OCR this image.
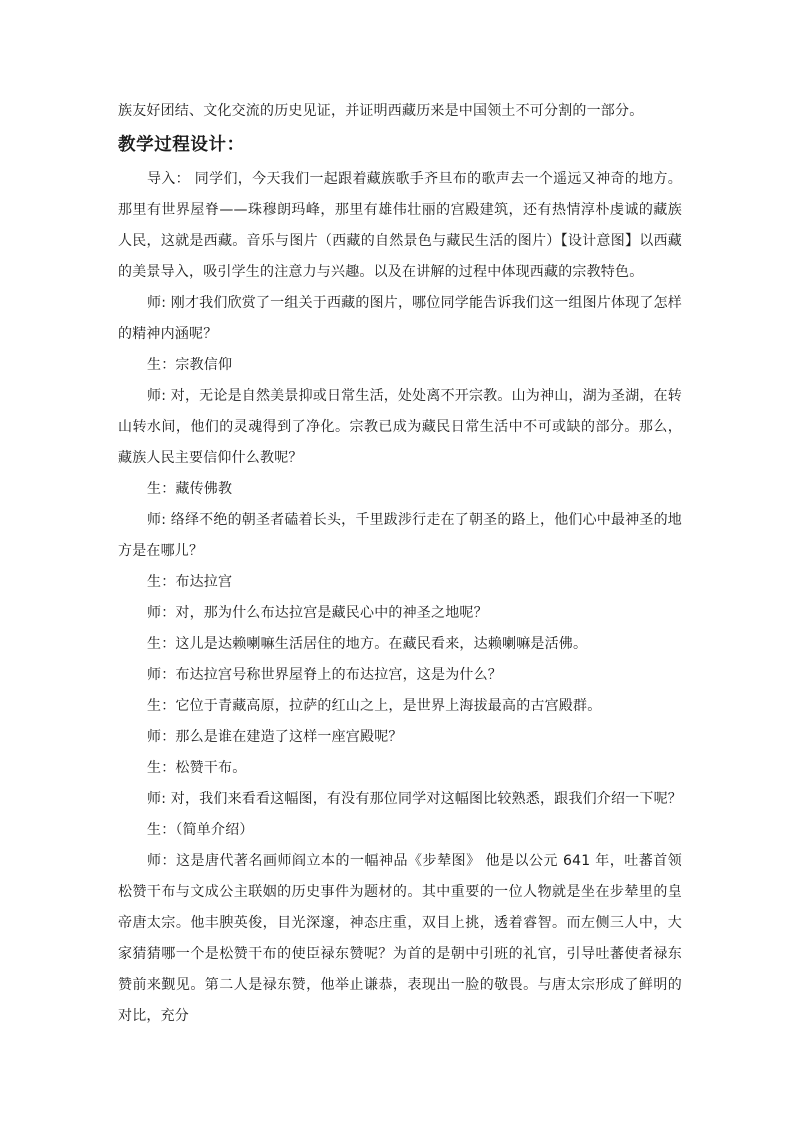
族友好团结、文化交流的历史见证，并证明西藏历来是中国领土不可分割的一部分。

教学过程设计：

导入： 同学们，今天我们一起跟着藏族歌手齐旦布的歌声去一个遥远又神奇的地方。那里有世界屋脊——珠穆朗玛峰，那里有雄伟壮丽的宫殿建筑，还有热情淳朴虔诚的藏族人民，这就是西藏。音乐与图片（西藏的自然景色与藏民生活的图片）【设计意图】以西藏的美景导入，吸引学生的注意力与兴趣。以及在讲解的过程中体现西藏的宗教特色。

师: 刚才我们欣赏了一组关于西藏的图片，哪位同学能告诉我们这一组图片体现了怎样的精神内涵呢？

生：宗教信仰

师: 对，无论是自然美景抑或日常生活，处处离不开宗教。山为神山，湖为圣湖，在转山转水间，他们的灵魂得到了净化。宗教已成为藏民日常生活中不可或缺的部分。那么，藏族人民主要信仰什么教呢？

生：藏传佛教

师: 络绎不绝的朝圣者磕着长头，千里跋涉行走在了朝圣的路上，他们心中最神圣的地方是在哪儿？

生：布达拉宫

师：对，那为什么布达拉宫是藏民心中的神圣之地呢？

生：这儿是达赖喇嘛生活居住的地方。在藏民看来，达赖喇嘛是活佛。

师：布达拉宫号称世界屋脊上的布达拉宫，这是为什么？

生：它位于青藏高原，拉萨的红山之上，是世界上海拔最高的古宫殿群。

师：那么是谁在建造了这样一座宫殿呢？

生：松赞干布。

师: 对，我们来看看这幅图，有没有那位同学对这幅图比较熟悉，跟我们介绍一下呢？

生：（简单介绍）

师：这是唐代著名画师阎立本的一幅神品《步辇图》 他是以公元 641 年，吐蕃首领松赞干布与文成公主联姻的历史事件为题材的。其中重要的一位人物就是坐在步辇里的皇帝唐太宗。他丰腴英俊，目光深邃，神态庄重，双目上挑，透着睿智。而左侧三人中，大家猜猜哪一个是松赞干布的使臣禄东赞呢？为首的是朝中引班的礼官，引导吐蕃使者禄东赞前来觐见。第二人是禄东赞，他举止谦恭，表现出一脸的敬畏。与唐太宗形成了鲜明的对比，充分
